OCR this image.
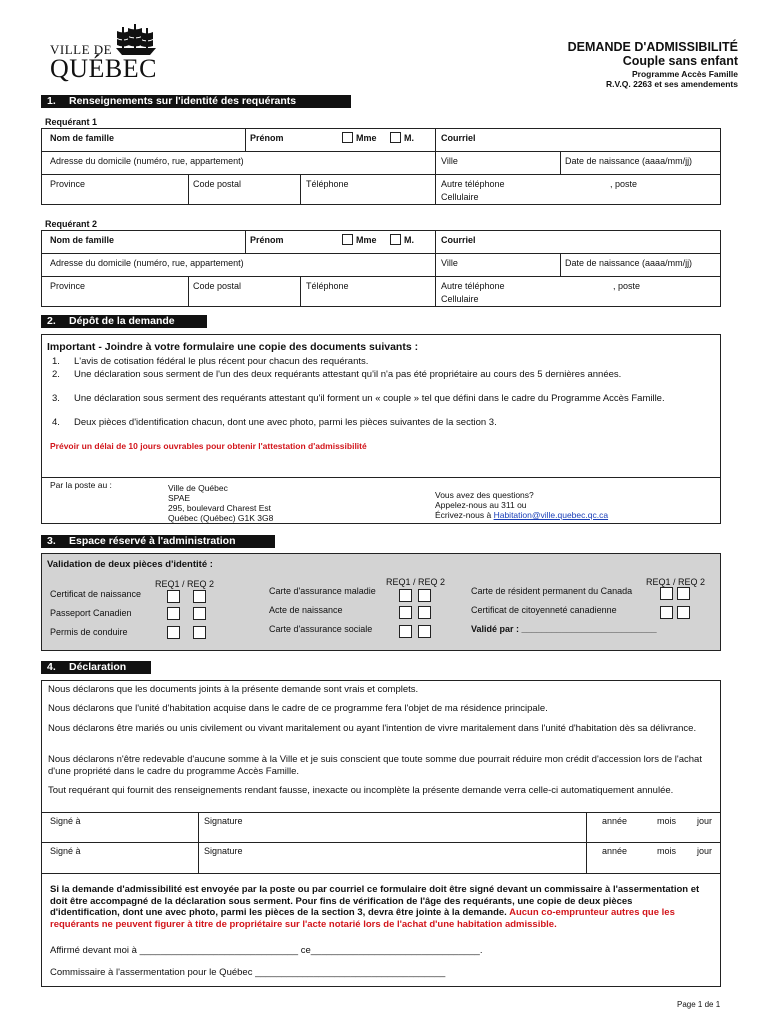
VILLE DE
QUÉBEC
DEMANDE D'ADMISSIBILITÉ
Couple sans enfant
Programme Accès Famille
R.V.Q. 2263 et ses amendements
1. Renseignements sur l'identité des requérants
Requérant 1
Nom de famille	Prénom	Mme	M.	Courriel
Adresse du domicile (numéro, rue, appartement)	Ville	Date de naissance (aaaa/mm/jj)
Province	Code postal	Téléphone	Autre téléphone	, poste
Cellulaire
Requérant 2
Nom de famille	Prénom	Mme	M.	Courriel
Adresse du domicile (numéro, rue, appartement)	Ville	Date de naissance (aaaa/mm/jj)
Province	Code postal	Téléphone	Autre téléphone	, poste
Cellulaire
2. Dépôt de la demande
Important - Joindre à votre formulaire une copie des documents suivants :
1. L'avis de cotisation fédéral le plus récent pour chacun des requérants.
2. Une déclaration sous serment de l'un des deux requérants attestant qu'il n'a pas été propriétaire au cours des 5 dernières années.
3. Une déclaration sous serment des requérants attestant qu'il forment un « couple » tel que défini dans le cadre du Programme Accès Famille.
4. Deux pièces d'identification chacun, dont une avec photo, parmi les pièces suivantes de la section 3.
Prévoir un délai de 10 jours ouvrables pour obtenir l'attestation d'admissibilité
Par la poste au :	Ville de Québec
SPAE
295, boulevard Charest Est
Québec (Québec) G1K 3G8
Vous avez des questions?
Appelez-nous au 311 ou
Écrivez-nous à Habitation@ville.quebec.qc.ca
3. Espace réservé à l'administration
Validation de deux pièces d'identité :
REQ1 / REQ 2
Certificat de naissance
Passeport Canadien
Permis de conduire
REQ1 / REQ 2
Carte d'assurance maladie
Acte de naissance
Carte d'assurance sociale
REQ1 / REQ 2
Carte de résident permanent du Canada
Certificat de citoyenneté canadienne
Validé par : ___________________________
4. Déclaration
Nous déclarons que les documents joints à la présente demande sont vrais et complets.
Nous déclarons que l'unité d'habitation acquise dans le cadre de ce programme fera l'objet de ma résidence principale.
Nous déclarons être mariés ou unis civilement ou vivant maritalement ou ayant l'intention de vivre maritalement dans l'unité d'habitation dès sa délivrance.
Nous déclarons n'être redevable d'aucune somme à la Ville et je suis conscient que toute somme due pourrait réduire mon crédit d'accession lors de l'achat d'une propriété dans le cadre du programme Accès Famille.
Tout requérant qui fournit des renseignements rendant fausse, inexacte ou incomplète la présente demande verra celle-ci automatiquement annulée.
Signé à	Signature	année	mois jour
Signé à	Signature	année	mois jour
Si la demande d'admissibilité est envoyée par la poste ou par courriel ce formulaire doit être signé devant un commissaire à l'assermentation et doit être accompagné de la déclaration sous serment. Pour fins de vérification de l'âge des requérants, une copie de deux pièces d'identification, dont une avec photo, parmi les pièces de la section 3, devra être jointe à la demande. Aucun co-emprunteur autres que les requérants ne peuvent figurer à titre de propriétaire sur l'acte notarié lors de l'achat d'une habitation admissible.
Affirmé devant moi à ______________________________ ce________________________________.
Commissaire à l'assermentation pour le Québec ____________________________________
Page 1 de 1
